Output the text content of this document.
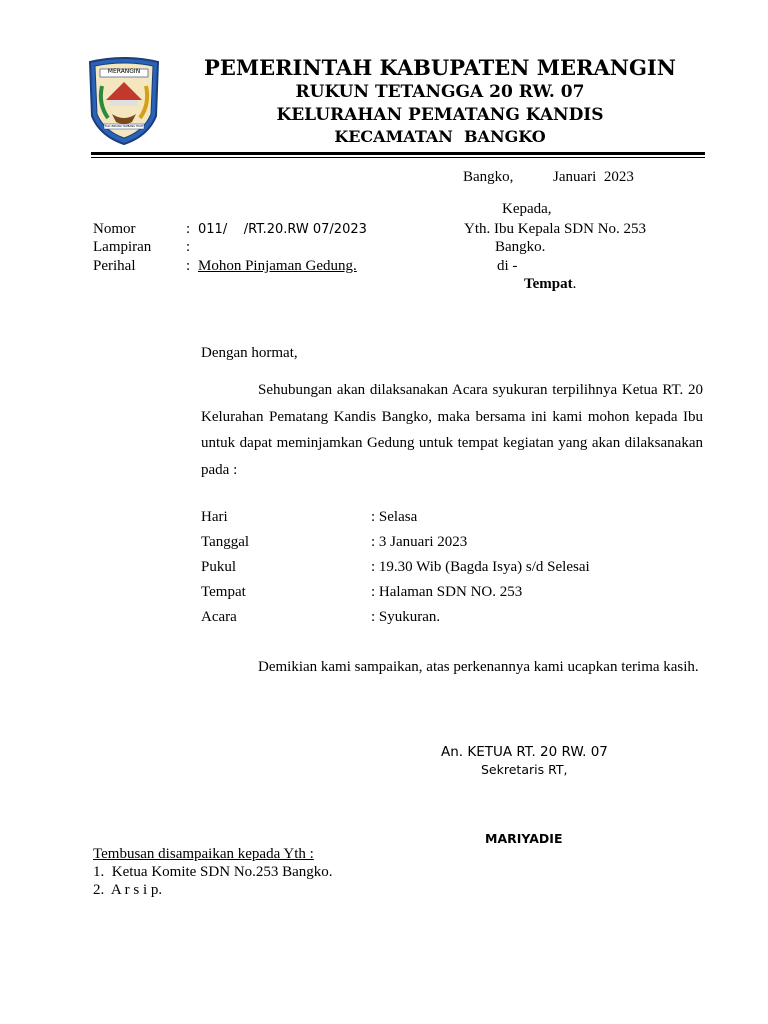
MERANGIN
TALI UNDANG TAMBANG TELITI
PEMERINTAH KABUPATEN MERANGIN
RUKUN TETANGGA 20 RW. 07
KELURAHAN PEMATANG KANDIS
KECAMATAN  BANGKO
Bangko,	Januari  2023
Nomor	: 011/    /RT.20.RW 07/2023
Lampiran :
Perihal	: Mohon Pinjaman Gedung.
Kepada,
Yth. Ibu Kepala SDN No. 253
Bangko.
di -
Tempat.
Dengan hormat,
Sehubungan akan dilaksanakan Acara syukuran terpilihnya Ketua RT. 20 Kelurahan Pematang Kandis Bangko, maka bersama ini kami mohon kepada Ibu untuk dapat meminjamkan Gedung untuk tempat kegiatan yang akan dilaksanakan pada :
Hari	: Selasa
Tanggal	: 3 Januari 2023
Pukul	: 19.30 Wib (Bagda Isya) s/d Selesai
Tempat	: Halaman SDN NO. 253
Acara	: Syukuran.
Demikian kami sampaikan, atas perkenannya kami ucapkan terima kasih.
An. KETUA RT. 20 RW. 07
Sekretaris RT,
MARIYADIE
Tembusan disampaikan kepada Yth :
1.  Ketua Komite SDN No.253 Bangko.
2.  A r s i p.
